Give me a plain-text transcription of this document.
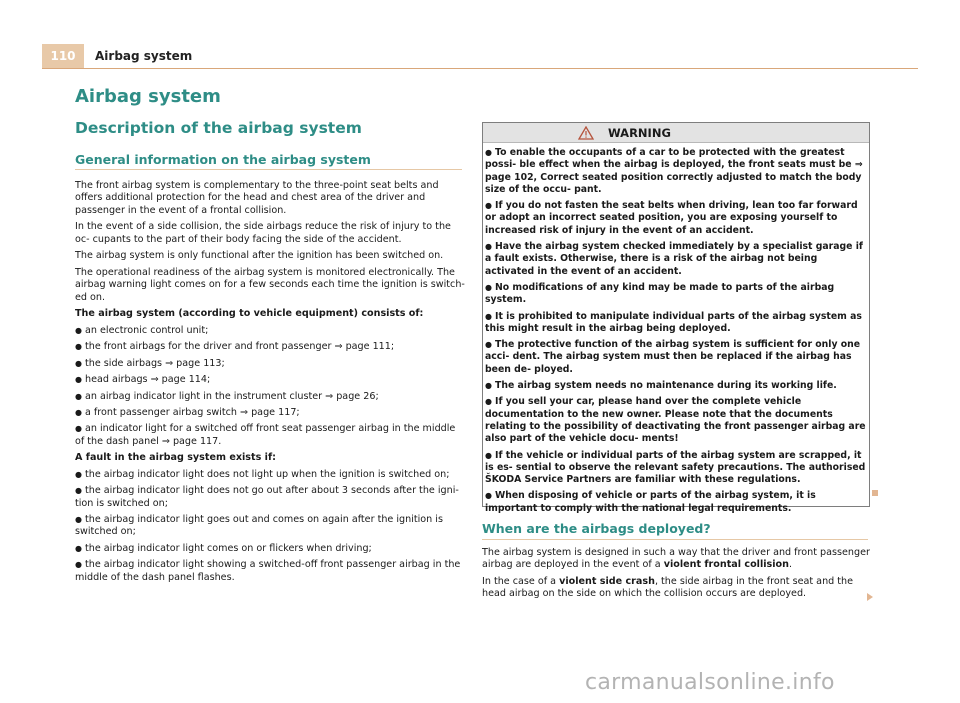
110	Airbag system
Airbag system
Description of the airbag system
General information on the airbag system

The front airbag system is complementary to the three-point seat belts and offers additional protection for the head and chest area of the driver and passenger in the event of a frontal collision.

In the event of a side collision, the side airbags reduce the risk of injury to the oc- cupants to the part of their body facing the side of the accident.

The airbag system is only functional after the ignition has been switched on.

The operational readiness of the airbag system is monitored electronically. The airbag warning light comes on for a few seconds each time the ignition is switch- ed on.

The airbag system (according to vehicle equipment) consists of:

● an electronic control unit;
● the front airbags for the driver and front passenger ⇒ page 111;
● the side airbags ⇒ page 113;
● head airbags ⇒ page 114;
● an airbag indicator light in the instrument cluster ⇒ page 26;
● a front passenger airbag switch ⇒ page 117;
● an indicator light for a switched off front seat passenger airbag in the middle of the dash panel ⇒ page 117.

A fault in the airbag system exists if:

● the airbag indicator light does not light up when the ignition is switched on;
● the airbag indicator light does not go out after about 3 seconds after the igni- tion is switched on;
● the airbag indicator light goes out and comes on again after the ignition is switched on;
● the airbag indicator light comes on or flickers when driving;
● the airbag indicator light showing a switched-off front passenger airbag in the middle of the dash panel flashes.
WARNING

● To enable the occupants of a car to be protected with the greatest possi- ble effect when the airbag is deployed, the front seats must be ⇒ page 102, Correct seated position correctly adjusted to match the body size of the occu- pant.

● If you do not fasten the seat belts when driving, lean too far forward or adopt an incorrect seated position, you are exposing yourself to increased risk of injury in the event of an accident.

● Have the airbag system checked immediately by a specialist garage if a fault exists. Otherwise, there is a risk of the airbag not being activated in the event of an accident.

● No modifications of any kind may be made to parts of the airbag system.

● It is prohibited to manipulate individual parts of the airbag system as this might result in the airbag being deployed.

● The protective function of the airbag system is sufficient for only one acci- dent. The airbag system must then be replaced if the airbag has been de- ployed.

● The airbag system needs no maintenance during its working life.

● If you sell your car, please hand over the complete vehicle documentation to the new owner. Please note that the documents relating to the possibility of deactivating the front passenger airbag are also part of the vehicle docu- ments!

● If the vehicle or individual parts of the airbag system are scrapped, it is es- sential to observe the relevant safety precautions. The authorised ŠKODA Service Partners are familiar with these regulations.

● When disposing of vehicle or parts of the airbag system, it is important to comply with the national legal requirements.

When are the airbags deployed?

The airbag system is designed in such a way that the driver and front passenger airbag are deployed in the event of a violent frontal collision.

In the case of a violent side crash, the side airbag in the front seat and the head airbag on the side on which the collision occurs are deployed.

carmanualsonline.info
